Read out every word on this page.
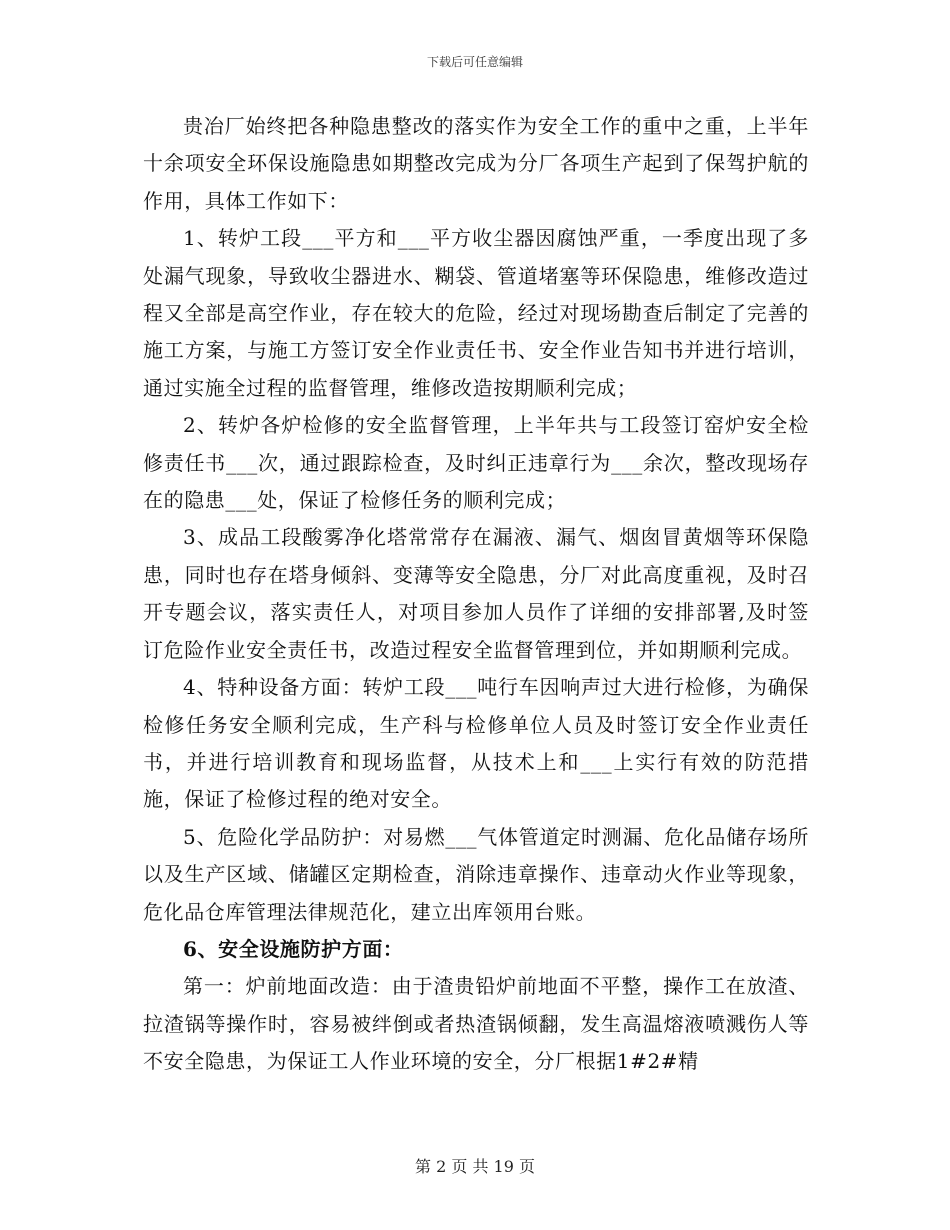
下载后可任意编辑

贵冶厂始终把各种隐患整改的落实作为安全工作的重中之重，上半年十余项安全环保设施隐患如期整改完成为分厂各项生产起到了保驾护航的作用，具体工作如下：

1、转炉工段___平方和___平方收尘器因腐蚀严重，一季度出现了多处漏气现象，导致收尘器进水、糊袋、管道堵塞等环保隐患，维修改造过程又全部是高空作业，存在较大的危险，经过对现场勘查后制定了完善的施工方案，与施工方签订安全作业责任书、安全作业告知书并进行培训，通过实施全过程的监督管理，维修改造按期顺利完成；

2、转炉各炉检修的安全监督管理，上半年共与工段签订窑炉安全检修责任书___次，通过跟踪检查，及时纠正违章行为___余次，整改现场存在的隐患___处，保证了检修任务的顺利完成；

3、成品工段酸雾净化塔常常存在漏液、漏气、烟囱冒黄烟等环保隐患，同时也存在塔身倾斜、变薄等安全隐患，分厂对此高度重视，及时召开专题会议，落实责任人，对项目参加人员作了详细的安排部署,及时签订危险作业安全责任书，改造过程安全监督管理到位，并如期顺利完成。

4、特种设备方面：转炉工段___吨行车因响声过大进行检修，为确保检修任务安全顺利完成，生产科与检修单位人员及时签订安全作业责任书，并进行培训教育和现场监督，从技术上和___上实行有效的防范措施，保证了检修过程的绝对安全。

5、危险化学品防护：对易燃___气体管道定时测漏、危化品储存场所以及生产区域、储罐区定期检查，消除违章操作、违章动火作业等现象，危化品仓库管理法律规范化，建立出库领用台账。

6、安全设施防护方面：

第一：炉前地面改造：由于渣贵铅炉前地面不平整，操作工在放渣、拉渣锅等操作时，容易被绊倒或者热渣锅倾翻，发生高温熔液喷溅伤人等不安全隐患，为保证工人作业环境的安全，分厂根据1#2#精

第 2 页 共 19 页
